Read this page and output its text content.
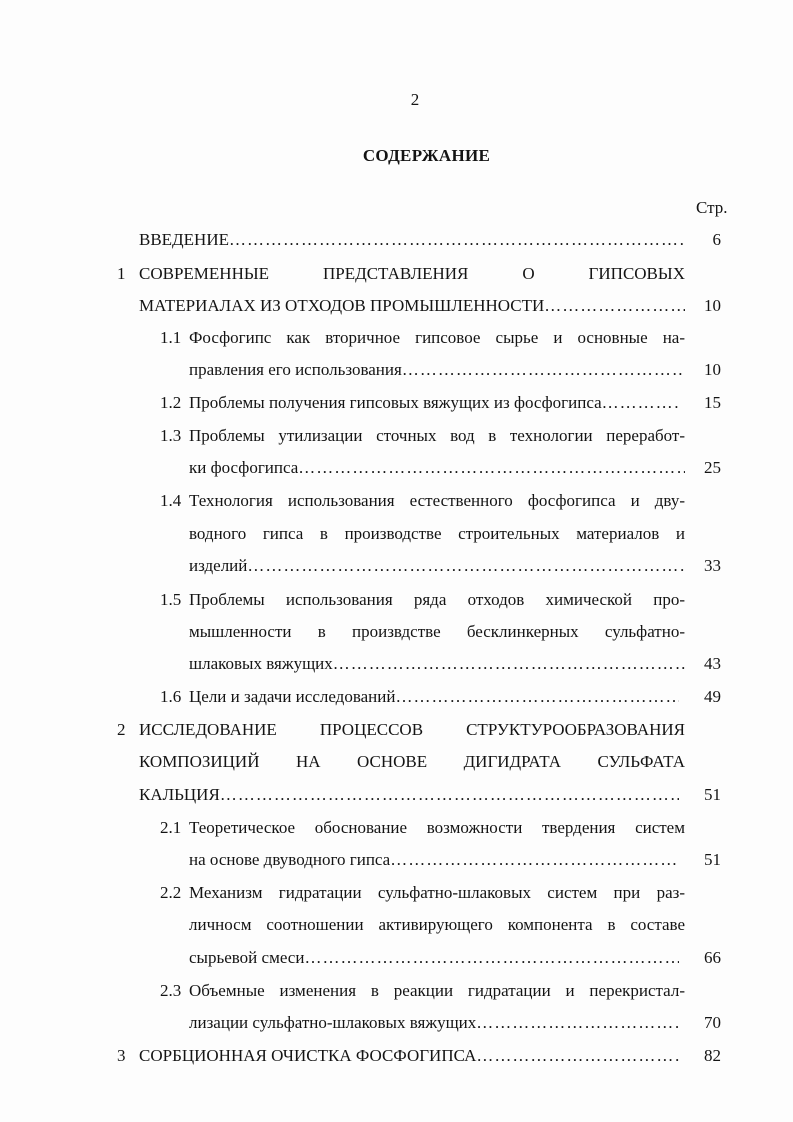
2
СОДЕРЖАНИЕ
Стр.
ВВЕДЕНИЕ ……………………………………………………………………………………………………………………	6
1 СОВРЕМЕННЫЕ ПРЕДСТАВЛЕНИЯ О ГИПСОВЫХ
МАТЕРИАЛАХ ИЗ ОТХОДОВ ПРОМЫШЛЕННОСТИ ……………………………………………………………………………………………………………………	10
1.1 Фосфогипс как вторичное гипсовое сырье и основные на-
правления его использования ……………………………………………………………………………………………………………………	10
1.2 Проблемы получения гипсовых вяжущих из фосфогипса ……………………………………………………………………………………………………………………	15
1.3 Проблемы утилизации сточных вод в технологии переработ-
ки фосфогипса ……………………………………………………………………………………………………………………	25
1.4 Технология использования естественного фосфогипса и дву-
водного гипса в производстве строительных материалов и
изделий ……………………………………………………………………………………………………………………	33
1.5 Проблемы использования ряда отходов химической про-
мышленности в произвдстве бесклинкерных сульфатно-
шлаковых вяжущих ……………………………………………………………………………………………………………………	43
1.6 Цели и задачи исследований ……………………………………………………………………………………………………………………	49
2 ИССЛЕДОВАНИЕ ПРОЦЕССОВ СТРУКТУРООБРАЗОВАНИЯ
КОМПОЗИЦИЙ НА ОСНОВЕ ДИГИДРАТА СУЛЬФАТА
КАЛЬЦИЯ ……………………………………………………………………………………………………………………	51
2.1 Теоретическое обоснование возможности твердения систем
на основе двуводного гипса ……………………………………………………………………………………………………………………	51
2.2 Механизм гидратации сульфатно-шлаковых систем при раз-
личносм соотношении активирующего компонента в составе
сырьевой смеси ……………………………………………………………………………………………………………………	66
2.3 Объемные изменения в реакции гидратации и перекристал-
лизации сульфатно-шлаковых вяжущих ……………………………………………………………………………………………………………………	70
3 СОРБЦИОННАЯ ОЧИСТКА ФОСФОГИПСА ……………………………………………………………………………………………………………………	82
